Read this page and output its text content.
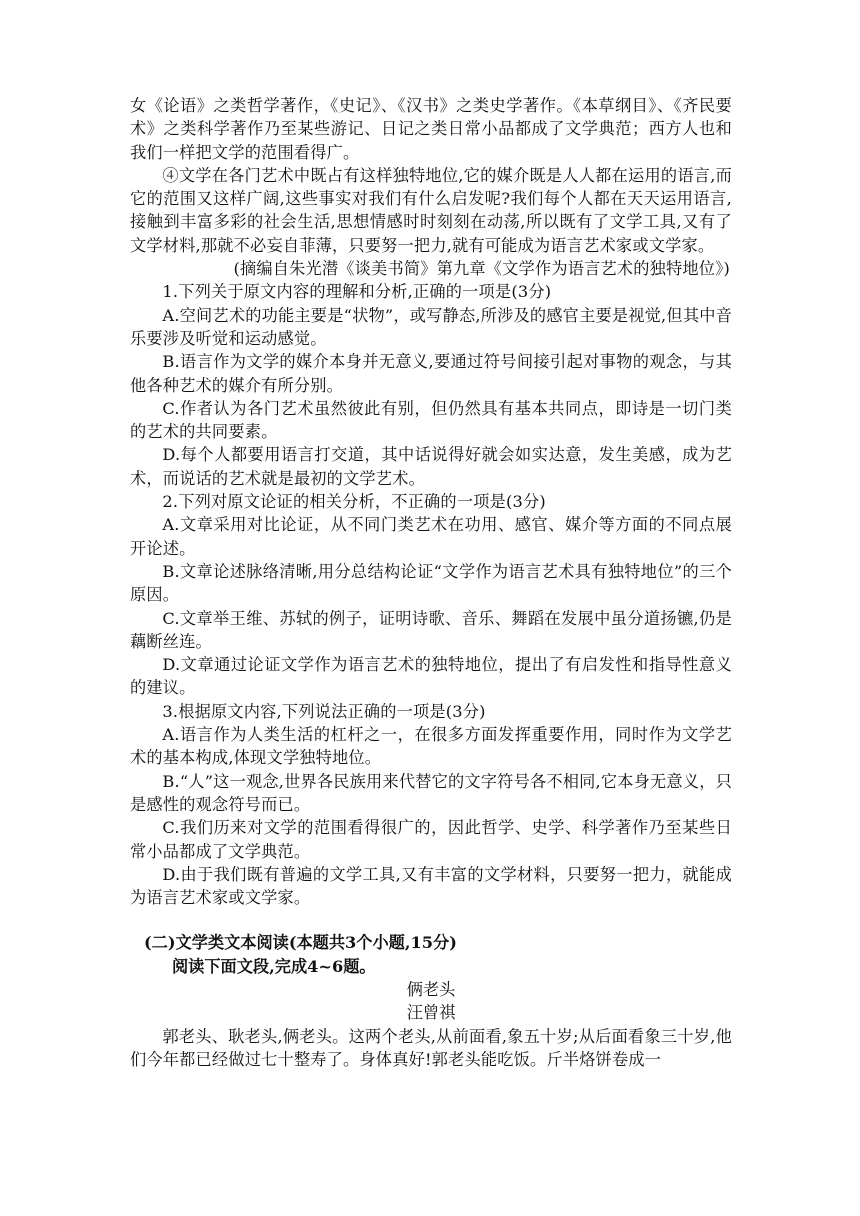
女《论语》之类哲学著作，《史记》、《汉书》之类史学著作。《本草纲目》、《齐民要术》之类科学著作乃至某些游记、日记之类日常小品都成了文学典范；西方人也和我们一样把文学的范围看得广。

④文学在各门艺术中既占有这样独特地位,它的媒介既是人人都在运用的语言,而它的范围又这样广阔,这些事实对我们有什么启发呢?我们每个人都在天天运用语言,接触到丰富多彩的社会生活,思想情感时时刻刻在动荡,所以既有了文学工具,又有了文学材料,那就不必妄自菲薄，只要努一把力,就有可能成为语言艺术家或文学家。

(摘编自朱光潜《谈美书简》第九章《文学作为语言艺术的独特地位》)

1.下列关于原文内容的理解和分析,正确的一项是(3分)

A.空间艺术的功能主要是“状物”，或写静态,所涉及的感官主要是视觉,但其中音乐要涉及听觉和运动感觉。

B.语言作为文学的媒介本身并无意义,要通过符号间接引起对事物的观念，与其他各种艺术的媒介有所分别。

C.作者认为各门艺术虽然彼此有别，但仍然具有基本共同点，即诗是一切门类的艺术的共同要素。

D.每个人都要用语言打交道，其中话说得好就会如实达意，发生美感，成为艺术，而说话的艺术就是最初的文学艺术。

2.下列对原文论证的相关分析，不正确的一项是(3分)

A.文章采用对比论证，从不同门类艺术在功用、感官、媒介等方面的不同点展开论述。

B.文章论述脉络清晰,用分总结构论证“文学作为语言艺术具有独特地位”的三个原因。

C.文章举王维、苏轼的例子，证明诗歌、音乐、舞蹈在发展中虽分道扬镳,仍是藕断丝连。

D.文章通过论证文学作为语言艺术的独特地位，提出了有启发性和指导性意义的建议。

3.根据原文内容,下列说法正确的一项是(3分)

A.语言作为人类生活的杠杆之一，在很多方面发挥重要作用，同时作为文学艺术的基本构成,体现文学独特地位。

B.“人”这一观念,世界各民族用来代替它的文字符号各不相同,它本身无意义，只是感性的观念符号而已。

C.我们历来对文学的范围看得很广的，因此哲学、史学、科学著作乃至某些日常小品都成了文学典范。

D.由于我们既有普遍的文学工具,又有丰富的文学材料，只要努一把力，就能成为语言艺术家或文学家。

(二)文学类文本阅读(本题共3个小题,15分)

阅读下面文段,完成4~6题。

俩老头

汪曾祺

郭老头、耿老头,俩老头。这两个老头,从前面看,象五十岁;从后面看象三十岁,他们今年都已经做过七十整寿了。身体真好!郭老头能吃饭。斤半烙饼卷成一
